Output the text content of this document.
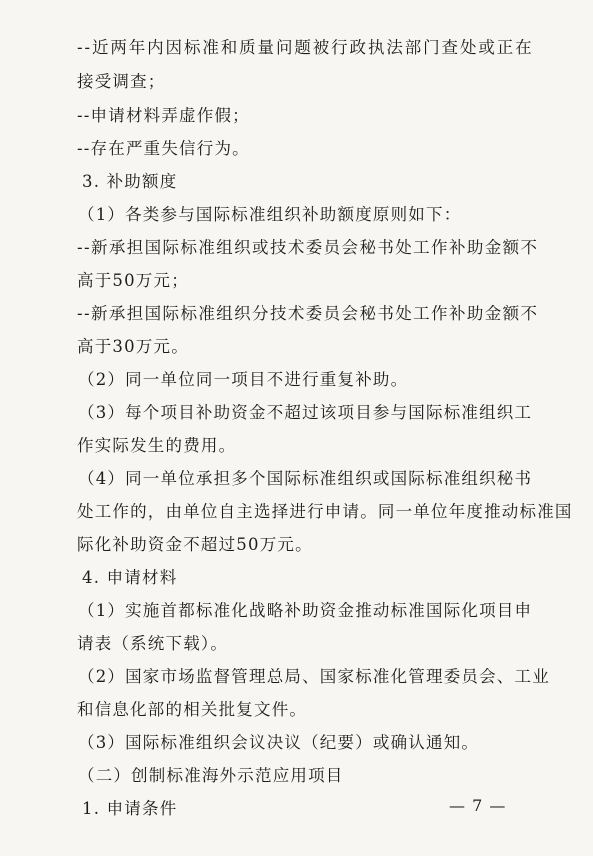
--近两年内因标准和质量问题被行政执法部门查处或正在
接受调查；
--申请材料弄虚作假；
--存在严重失信行为。
3. 补助额度
（1）各类参与国际标准组织补助额度原则如下：
--新承担国际标准组织或技术委员会秘书处工作补助金额不
高于50万元；
--新承担国际标准组织分技术委员会秘书处工作补助金额不
高于30万元。
（2）同一单位同一项目不进行重复补助。
（3）每个项目补助资金不超过该项目参与国际标准组织工
作实际发生的费用。
（4）同一单位承担多个国际标准组织或国际标准组织秘书
处工作的，由单位自主选择进行申请。同一单位年度推动标准国
际化补助资金不超过50万元。
4. 申请材料
（1）实施首都标准化战略补助资金推动标准国际化项目申
请表（系统下载）。
（2）国家市场监督管理总局、国家标准化管理委员会、工业
和信息化部的相关批复文件。
（3）国际标准组织会议决议（纪要）或确认通知。
（二）创制标准海外示范应用项目
1. 申请条件	— 7 —
